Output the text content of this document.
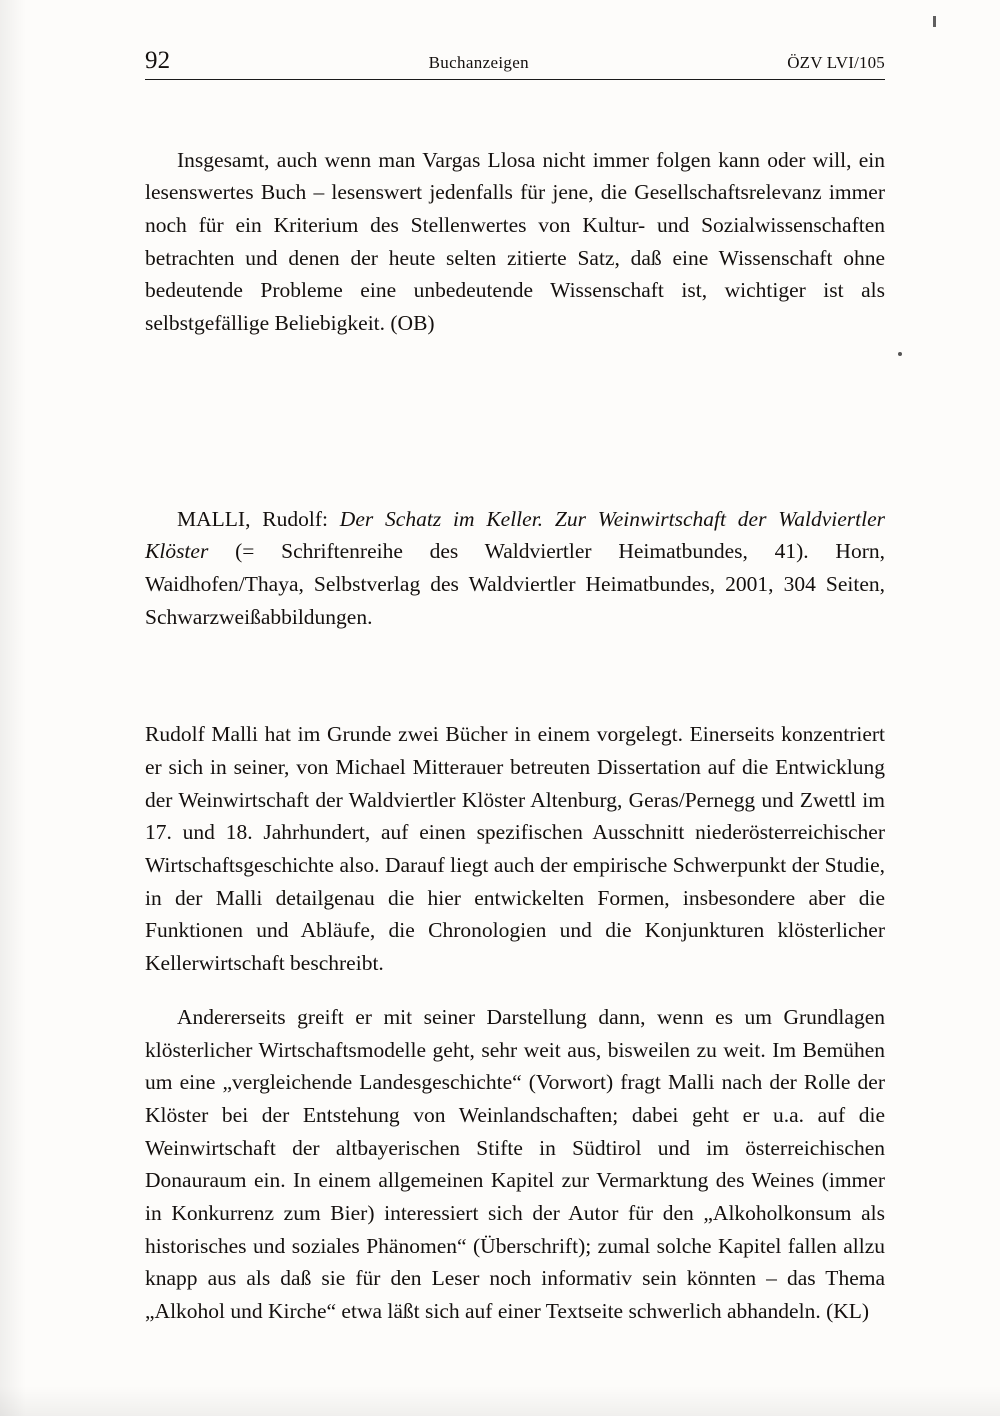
92	Buchanzeigen	ÖZV LVI/105

Insgesamt, auch wenn man Vargas Llosa nicht immer folgen kann oder will, ein lesenswertes Buch – lesenswert jedenfalls für jene, die Gesellschaftsrelevanz immer noch für ein Kriterium des Stellenwertes von Kultur- und Sozialwissenschaften betrachten und denen der heute selten zitierte Satz, daß eine Wissenschaft ohne bedeutende Probleme eine unbedeutende Wissenschaft ist, wichtiger ist als selbstgefällige Beliebigkeit. (OB)

MALLI, Rudolf: Der Schatz im Keller. Zur Weinwirtschaft der Waldviertler Klöster (= Schriftenreihe des Waldviertler Heimatbundes, 41). Horn, Waidhofen/Thaya, Selbstverlag des Waldviertler Heimatbundes, 2001, 304 Seiten, Schwarzweißabbildungen.

Rudolf Malli hat im Grunde zwei Bücher in einem vorgelegt. Einerseits konzentriert er sich in seiner, von Michael Mitterauer betreuten Dissertation auf die Entwicklung der Weinwirtschaft der Waldviertler Klöster Altenburg, Geras/Pernegg und Zwettl im 17. und 18. Jahrhundert, auf einen spezifischen Ausschnitt niederösterreichischer Wirtschaftsgeschichte also. Darauf liegt auch der empirische Schwerpunkt der Studie, in der Malli detailgenau die hier entwickelten Formen, insbesondere aber die Funktionen und Abläufe, die Chronologien und die Konjunkturen klösterlicher Kellerwirtschaft beschreibt.

Andererseits greift er mit seiner Darstellung dann, wenn es um Grundlagen klösterlicher Wirtschaftsmodelle geht, sehr weit aus, bisweilen zu weit. Im Bemühen um eine „vergleichende Landesgeschichte“ (Vorwort) fragt Malli nach der Rolle der Klöster bei der Entstehung von Weinlandschaften; dabei geht er u.a. auf die Weinwirtschaft der altbayerischen Stifte in Südtirol und im österreichischen Donauraum ein. In einem allgemeinen Kapitel zur Vermarktung des Weines (immer in Konkurrenz zum Bier) interessiert sich der Autor für den „Alkoholkonsum als historisches und soziales Phänomen“ (Überschrift); zumal solche Kapitel fallen allzu knapp aus als daß sie für den Leser noch informativ sein könnten – das Thema „Alkohol und Kirche“ etwa läßt sich auf einer Textseite schwerlich abhandeln. (KL)
